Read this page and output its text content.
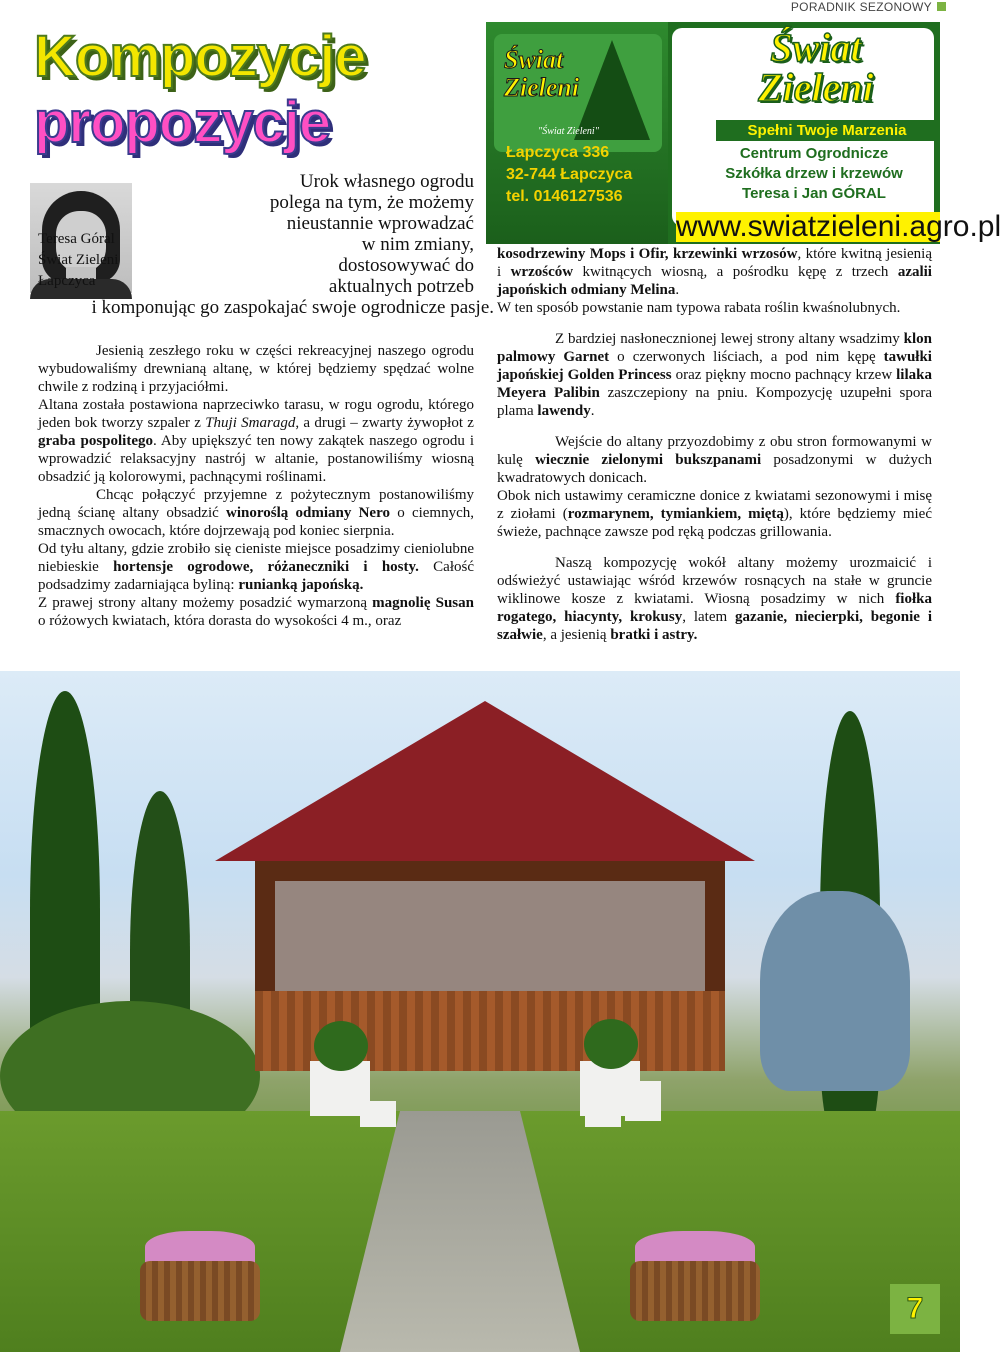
PORADNIK SEZONOWY
Kompozycje
propozycje
Teresa Góral
Świat Zieleni
Łapczyca
Urok własnego ogrodu
polega na tym, że możemy
nieustannie wprowadzać
w nim zmiany,
dostosowywać do
aktualnych potrzeb
i komponując go zaspokajać swoje ogrodnicze pasje.
Świat Zieleni
"Świat Zieleni"
Łapczyca 336
32-744 Łapczyca
tel. 0146127536
Świat Zieleni
Spełni Twoje Marzenia
Centrum Ogrodnicze
Szkółka drzew i krzewów
Teresa i Jan GÓRAL
www.swiatzieleni.agro.pl

Jesienią zeszłego roku w części rekreacyjnej naszego ogrodu wybudowaliśmy drewnianą altanę, w której będziemy spędzać wolne chwile z rodziną i przyjaciółmi.

Altana została postawiona naprzeciwko tarasu, w rogu ogrodu, którego jeden bok tworzy szpaler z Thuji Smaragd, a drugi – zwarty żywopłot z graba pospolitego. Aby upiększyć ten nowy zakątek naszego ogrodu i wprowadzić relaksacyjny nastrój w altanie, postanowiliśmy wiosną obsadzić ją kolorowymi, pachnącymi roślinami.

Chcąc połączyć przyjemne z pożytecznym postanowiliśmy jedną ścianę altany obsadzić winoroślą odmiany Nero o ciemnych, smacznych owocach, które dojrzewają pod koniec sierpnia.

Od tyłu altany, gdzie zrobiło się cieniste miejsce posadzimy cieniolubne niebieskie hortensje ogrodowe, różaneczniki i hosty. Całość podsadzimy zadarniająca byliną: runianką japońską.

Z prawej strony altany możemy posadzić wymarzoną magnolię Susan o różowych kwiatach, która dorasta do wysokości 4 m., oraz

kosodrzewiny Mops i Ofir, krzewinki wrzosów, które kwitną jesienią i wrzośców kwitnących wiosną, a pośrodku kępę z trzech azalii japońskich odmiany Melina.

W ten sposób powstanie nam typowa rabata roślin kwaśnolubnych.

Z bardziej nasłonecznionej lewej strony altany wsadzimy klon palmowy Garnet o czerwonych liściach, a pod nim kępę tawułki japońskiej Golden Princess oraz piękny mocno pachnący krzew lilaka Meyera Palibin zaszczepiony na pniu. Kompozycję uzupełni spora plama lawendy.

Wejście do altany przyozdobimy z obu stron formowanymi w kulę wiecznie zielonymi bukszpanami posadzonymi w dużych kwadratowych donicach.

Obok nich ustawimy ceramiczne donice z kwiatami sezonowymi i misę z ziołami (rozmarynem, tymiankiem, miętą), które będziemy mieć świeże, pachnące zawsze pod ręką podczas grillowania.

Naszą kompozycję wokół altany możemy urozmaicić i odświeżyć ustawiając wśród krzewów rosnących na stałe w gruncie wiklinowe kosze z kwiatami. Wiosną posadzimy w nich fiołka rogatego, hiacynty, krokusy, latem gazanie, niecierpki, begonie i szałwie, a jesienią bratki i astry.

7
